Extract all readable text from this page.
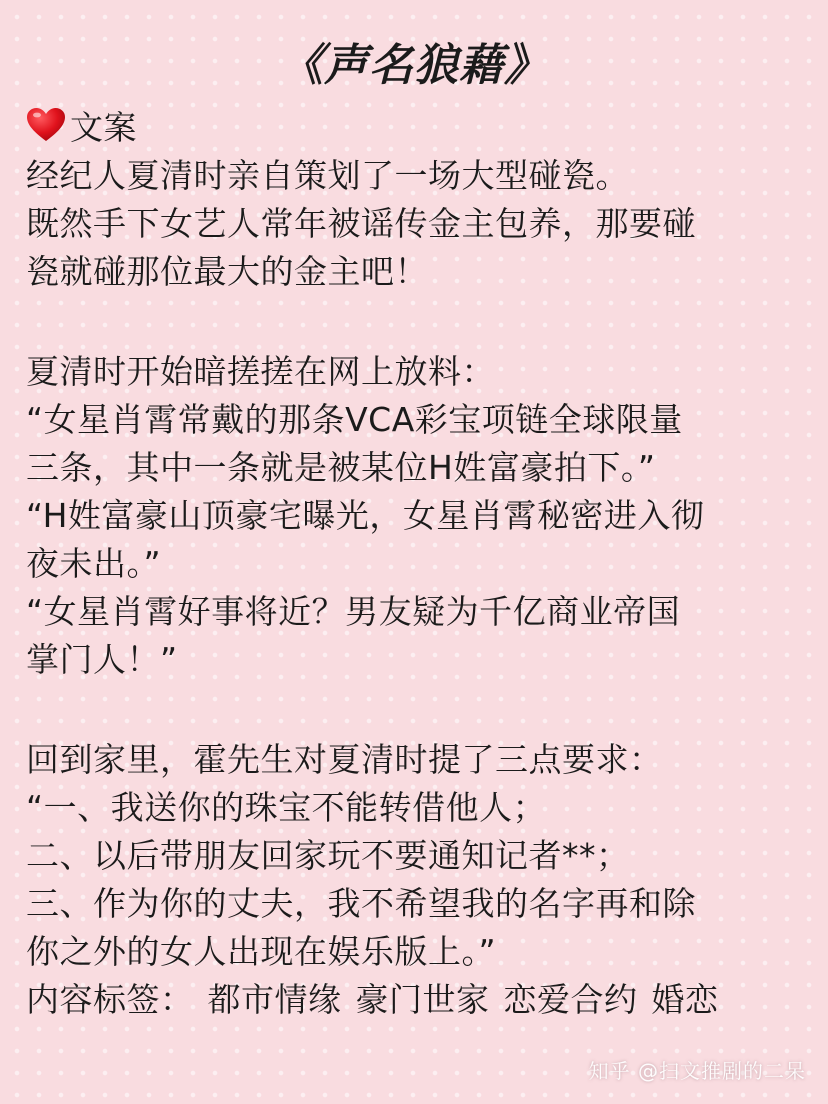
《声名狼藉》
文案
经纪人夏清时亲自策划了一场大型碰瓷。
既然手下女艺人常年被谣传金主包养，那要碰
瓷就碰那位最大的金主吧！
夏清时开始暗搓搓在网上放料：
“女星肖霄常戴的那条VCA彩宝项链全球限量
三条，其中一条就是被某位H姓富豪拍下。”
“H姓富豪山顶豪宅曝光，女星肖霄秘密进入彻
夜未出。”
“女星肖霄好事将近？男友疑为千亿商业帝国
掌门人！”
回到家里，霍先生对夏清时提了三点要求：
“一、我送你的珠宝不能转借他人；
二、以后带朋友回家玩不要通知记者**；
三、作为你的丈夫，我不希望我的名字再和除
你之外的女人出现在娱乐版上。”
内容标签： 都市情缘 豪门世家 恋爱合约 婚恋
知乎 @扫文推剧的二呆
